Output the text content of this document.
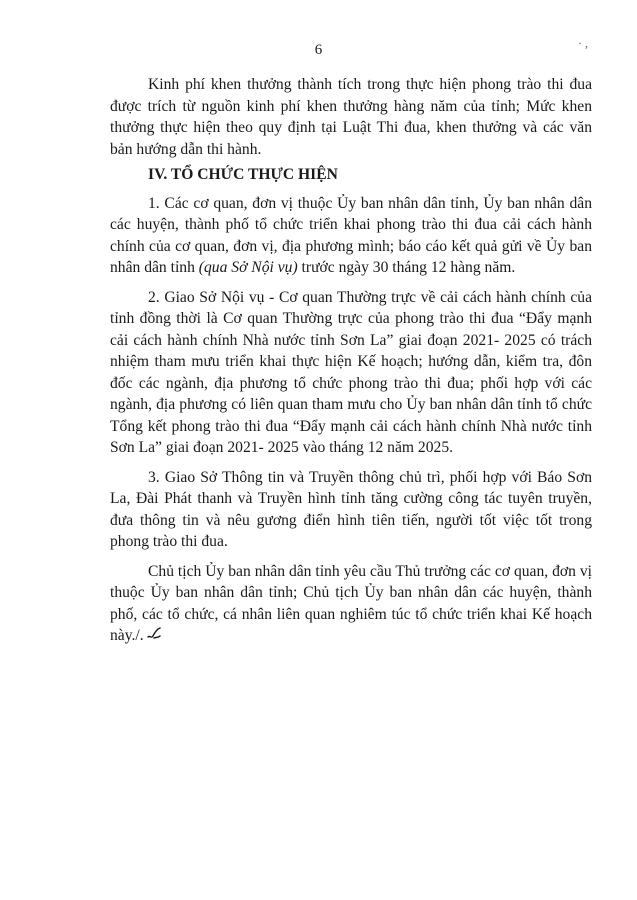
6	· ,

Kinh phí khen thưởng thành tích trong thực hiện phong trào thi đua được trích từ nguồn kinh phí khen thưởng hàng năm của tỉnh; Mức khen thưởng thực hiện theo quy định tại Luật Thi đua, khen thưởng và các văn bản hướng dẫn thi hành.

IV. TỔ CHỨC THỰC HIỆN

1. Các cơ quan, đơn vị thuộc Ủy ban nhân dân tỉnh, Ủy ban nhân dân các huyện, thành phố tổ chức triển khai phong trào thi đua cải cách hành chính của cơ quan, đơn vị, địa phương mình; báo cáo kết quả gửi về Ủy ban nhân dân tỉnh (qua Sở Nội vụ) trước ngày 30 tháng 12 hàng năm.

2. Giao Sở Nội vụ - Cơ quan Thường trực về cải cách hành chính của tỉnh đồng thời là Cơ quan Thường trực của phong trào thi đua “Đẩy mạnh cải cách hành chính Nhà nước tỉnh Sơn La” giai đoạn 2021- 2025 có trách nhiệm tham mưu triển khai thực hiện Kế hoạch; hướng dẫn, kiểm tra, đôn đốc các ngành, địa phương tổ chức phong trào thi đua; phối hợp với các ngành, địa phương có liên quan tham mưu cho Ủy ban nhân dân tỉnh tổ chức Tổng kết phong trào thi đua “Đẩy mạnh cải cách hành chính Nhà nước tỉnh Sơn La” giai đoạn 2021- 2025 vào tháng 12 năm 2025.

3. Giao Sở Thông tin và Truyền thông chủ trì, phối hợp với Báo Sơn La, Đài Phát thanh và Truyền hình tỉnh tăng cường công tác tuyên truyền, đưa thông tin và nêu gương điển hình tiên tiến, người tốt việc tốt trong phong trào thi đua.

Chủ tịch Ủy ban nhân dân tỉnh yêu cầu Thủ trưởng các cơ quan, đơn vị thuộc Ủy ban nhân dân tỉnh; Chủ tịch Ủy ban nhân dân các huyện, thành phố, các tổ chức, cá nhân liên quan nghiêm túc tổ chức triển khai Kế hoạch này./.
